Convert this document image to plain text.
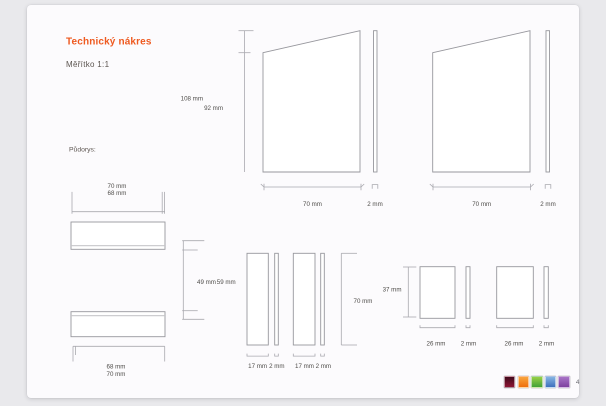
Technický nákres
Měřítko 1:1
Půdorys:
108 mm
92 mm
70 mm	2 mm	70 mm	2 mm
70 mm
68 mm
49 mm 59 mm
68 mm
70 mm
70 mm
17 mm 2 mm 17 mm 2 mm
37 mm
26 mm 2 mm	26 mm 2 mm
4
